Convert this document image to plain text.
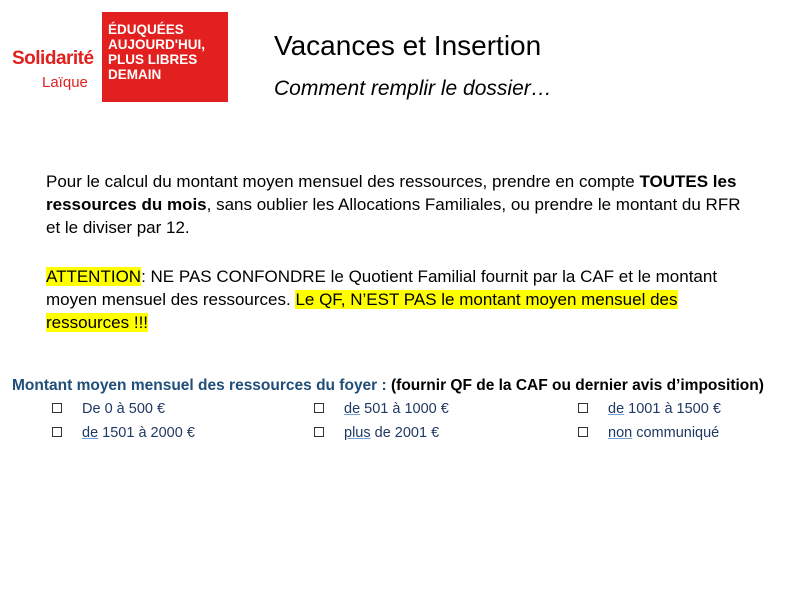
Solidarité
Laïque
ÉDUQUÉES
AUJOURD'HUI,
PLUS LIBRES
DEMAIN
Vacances et Insertion
Comment remplir le dossier…
Pour le calcul du montant moyen mensuel des ressources, prendre en compte TOUTES les ressources du mois, sans oublier les Allocations Familiales, ou prendre le montant du RFR et le diviser par 12.
ATTENTION: NE PAS CONFONDRE le Quotient Familial fournit par la CAF et le montant moyen mensuel des ressources. Le QF, N’EST PAS le montant moyen mensuel des ressources !!!
Montant moyen mensuel des ressources du foyer : (fournir QF de la CAF ou dernier avis d’imposition)
De 0 à 500 €	de 501 à 1000 €	de 1001 à 1500 €
de 1501 à 2000 €	plus de 2001 €	non communiqué
